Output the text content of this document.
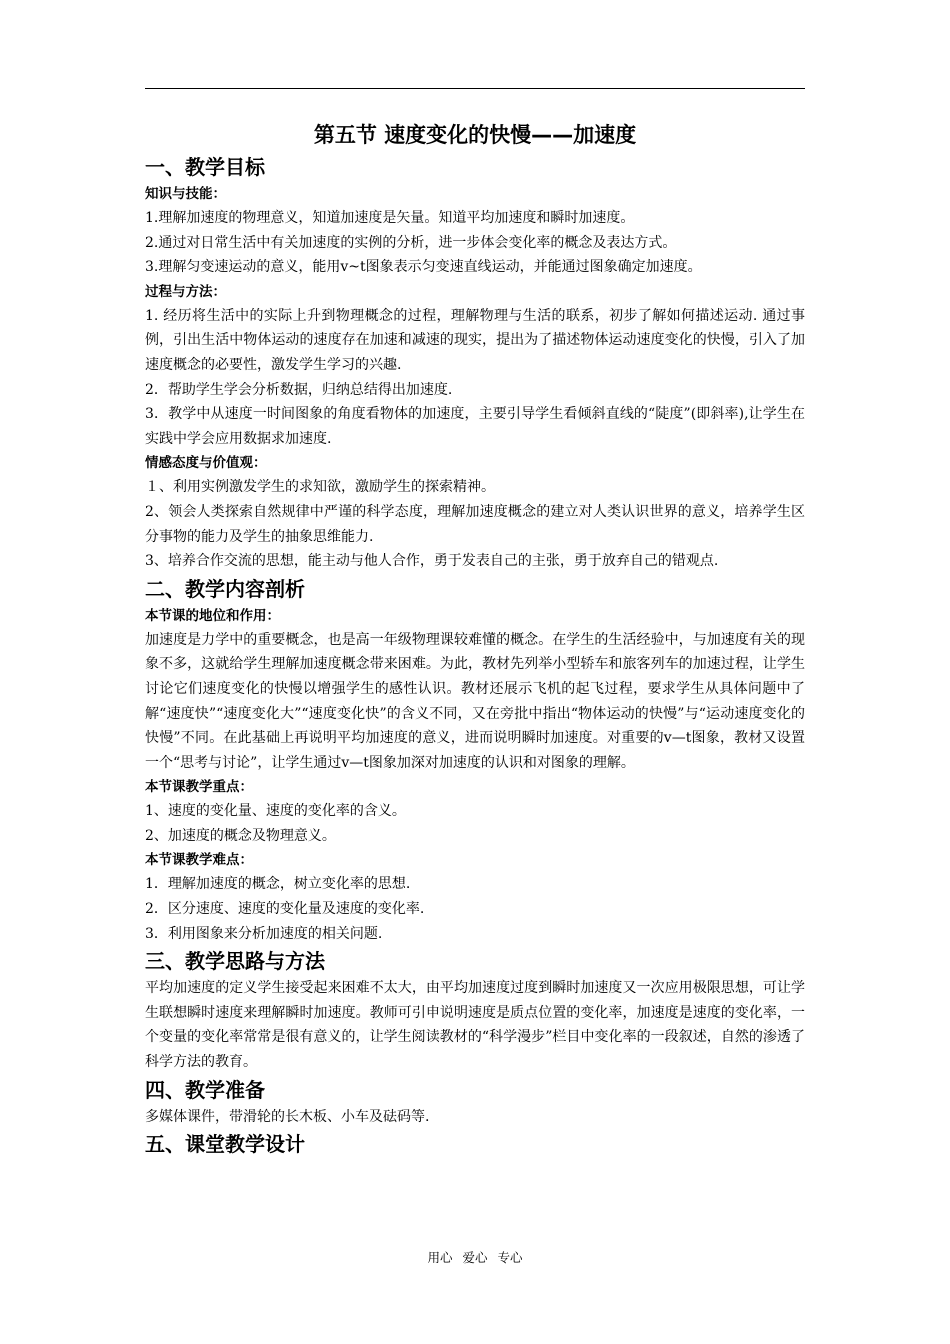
第五节 速度变化的快慢——加速度
一、教学目标
知识与技能：

1.理解加速度的物理意义，知道加速度是矢量。知道平均加速度和瞬时加速度。

2.通过对日常生活中有关加速度的实例的分析，进一步体会变化率的概念及表达方式。

3.理解匀变速运动的意义，能用v~t图象表示匀变速直线运动，并能通过图象确定加速度。

过程与方法：

1. 经历将生活中的实际上升到物理概念的过程，理解物理与生活的联系，初步了解如何描述运动. 通过事例，引出生活中物体运动的速度存在加速和减速的现实，提出为了描述物体运动速度变化的快慢，引入了加速度概念的必要性，激发学生学习的兴趣.

2．帮助学生学会分析数据，归纳总结得出加速度.

3．教学中从速度一时间图象的角度看物体的加速度，主要引导学生看倾斜直线的“陡度”(即斜率),让学生在实践中学会应用数据求加速度.

情感态度与价值观：

１、利用实例激发学生的求知欲，激励学生的探索精神。

2、领会人类探索自然规律中严谨的科学态度，理解加速度概念的建立对人类认识世界的意义，培养学生区分事物的能力及学生的抽象思维能力.

3、培养合作交流的思想，能主动与他人合作，勇于发表自己的主张，勇于放弃自己的错观点.

二、教学内容剖析
本节课的地位和作用：

加速度是力学中的重要概念，也是高一年级物理课较难懂的概念。在学生的生活经验中，与加速度有关的现象不多，这就给学生理解加速度概念带来困难。为此，教材先列举小型轿车和旅客列车的加速过程，让学生讨论它们速度变化的快慢以增强学生的感性认识。教材还展示飞机的起飞过程，要求学生从具体问题中了解“速度快”“速度变化大”“速度变化快”的含义不同，又在旁批中指出“物体运动的快慢”与“运动速度变化的快慢”不同。在此基础上再说明平均加速度的意义，进而说明瞬时加速度。对重要的v—t图象，教材又设置一个“思考与讨论”，让学生通过v—t图象加深对加速度的认识和对图象的理解。

本节课教学重点：

1、速度的变化量、速度的变化率的含义。

2、加速度的概念及物理意义。

本节课教学难点：

1．理解加速度的概念，树立变化率的思想.

2．区分速度、速度的变化量及速度的变化率.

3．利用图象来分析加速度的相关问题.

三、教学思路与方法

平均加速度的定义学生接受起来困难不太大，由平均加速度过度到瞬时加速度又一次应用极限思想，可让学生联想瞬时速度来理解瞬时加速度。教师可引申说明速度是质点位置的变化率，加速度是速度的变化率，一个变量的变化率常常是很有意义的，让学生阅读教材的“科学漫步”栏目中变化率的一段叙述，自然的渗透了科学方法的教育。

四、教学准备

多媒体课件，带滑轮的长木板、小车及砝码等.

五、课堂教学设计
用心 爱心 专心
